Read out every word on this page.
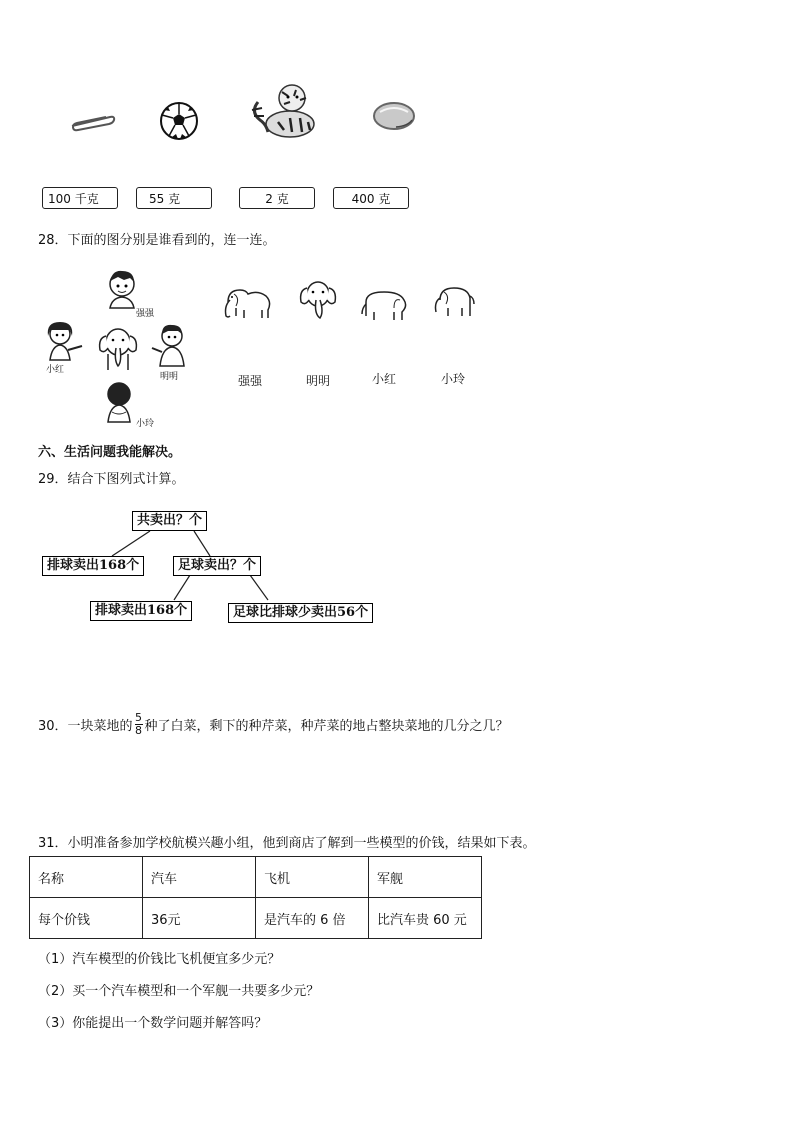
100 千克	55 克	2 克	400 克
28．下面的图分别是谁看到的，连一连。
强强
小红
明明
小玲
强强	明明	小红	小玲
六、生活问题我能解决。
29．结合下图列式计算。
共卖出？个
排球卖出168个	足球卖出？个
排球卖出168个	足球比排球少卖出56个
30．一块菜地的 $\frac{5}{8}$ 种了白菜，剩下的种芹菜，种芹菜的地占整块菜地的几分之几？
31．小明准备参加学校航模兴趣小组，他到商店了解到一些模型的价钱，结果如下表。
名称	汽车	飞机	军舰
每个价钱	36元	是汽车的 6 倍	比汽车贵 60 元
（1）汽车模型的价钱比飞机便宜多少元？
（2）买一个汽车模型和一个军舰一共要多少元？
（3）你能提出一个数学问题并解答吗？
